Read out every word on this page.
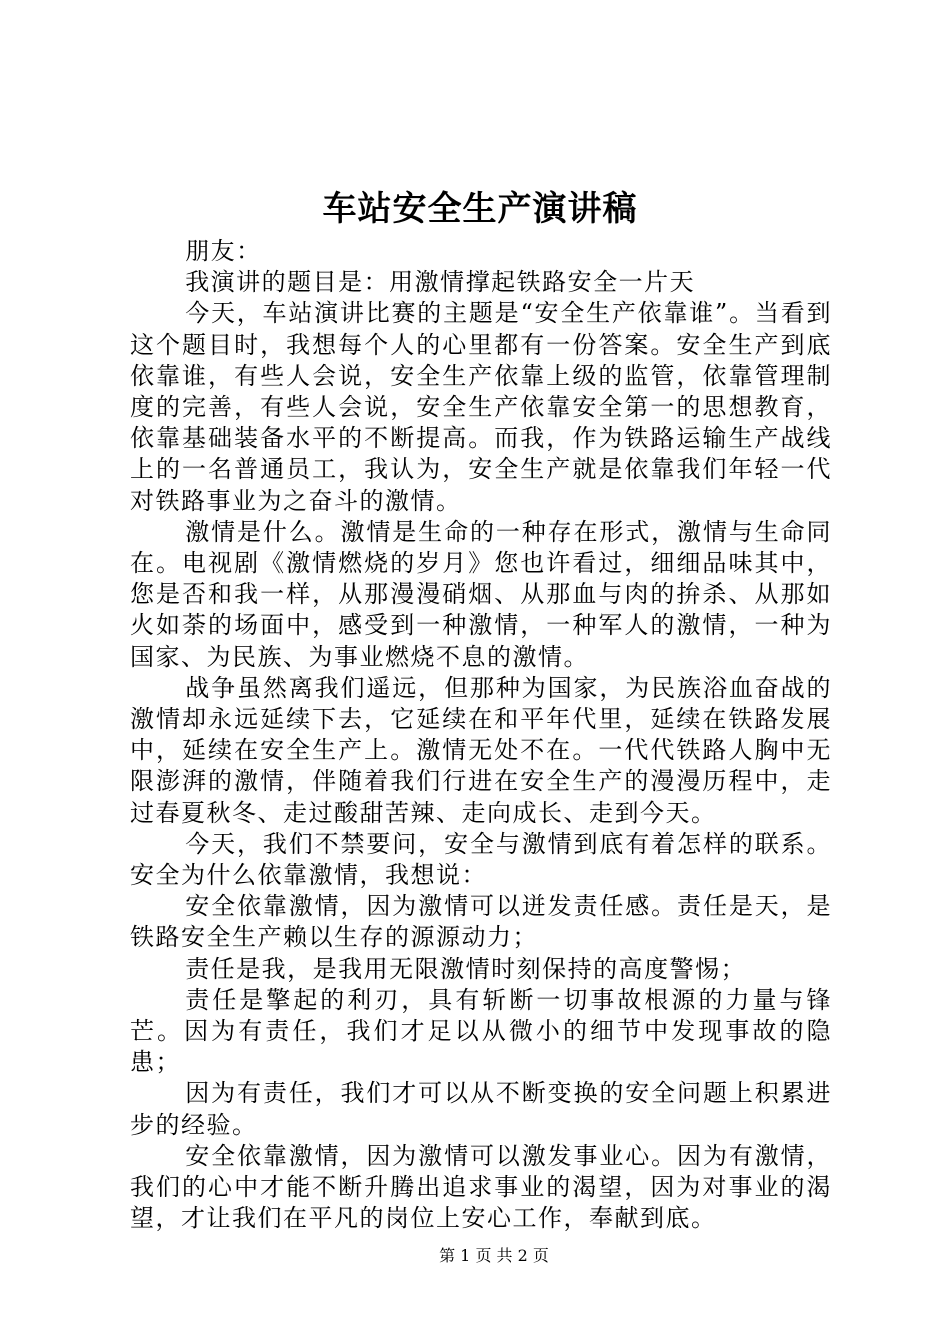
车站安全生产演讲稿

朋友：

我演讲的题目是：用激情撑起铁路安全一片天

今天，车站演讲比赛的主题是“安全生产依靠谁”。当看到这个题目时，我想每个人的心里都有一份答案。安全生产到底依靠谁，有些人会说，安全生产依靠上级的监管，依靠管理制度的完善，有些人会说，安全生产依靠安全第一的思想教育，依靠基础装备水平的不断提高。而我，作为铁路运输生产战线上的一名普通员工，我认为，安全生产就是依靠我们年轻一代对铁路事业为之奋斗的激情。

激情是什么。激情是生命的一种存在形式，激情与生命同在。电视剧《激情燃烧的岁月》您也许看过，细细品味其中，您是否和我一样，从那漫漫硝烟、从那血与肉的拚杀、从那如火如荼的场面中，感受到一种激情，一种军人的激情，一种为国家、为民族、为事业燃烧不息的激情。

战争虽然离我们遥远，但那种为国家，为民族浴血奋战的激情却永远延续下去，它延续在和平年代里，延续在铁路发展中，延续在安全生产上。激情无处不在。一代代铁路人胸中无限澎湃的激情，伴随着我们行进在安全生产的漫漫历程中，走过春夏秋冬、走过酸甜苦辣、走向成长、走到今天。

今天，我们不禁要问，安全与激情到底有着怎样的联系。安全为什么依靠激情，我想说：

安全依靠激情，因为激情可以迸发责任感。责任是天，是铁路安全生产赖以生存的源源动力；

责任是我，是我用无限激情时刻保持的高度警惕；

责任是擎起的利刃，具有斩断一切事故根源的力量与锋芒。因为有责任，我们才足以从微小的细节中发现事故的隐患；

因为有责任，我们才可以从不断变换的安全问题上积累进步的经验。

安全依靠激情，因为激情可以激发事业心。因为有激情，我们的心中才能不断升腾出追求事业的渴望，因为对事业的渴望，才让我们在平凡的岗位上安心工作，奉献到底。

第 1 页 共 2 页
